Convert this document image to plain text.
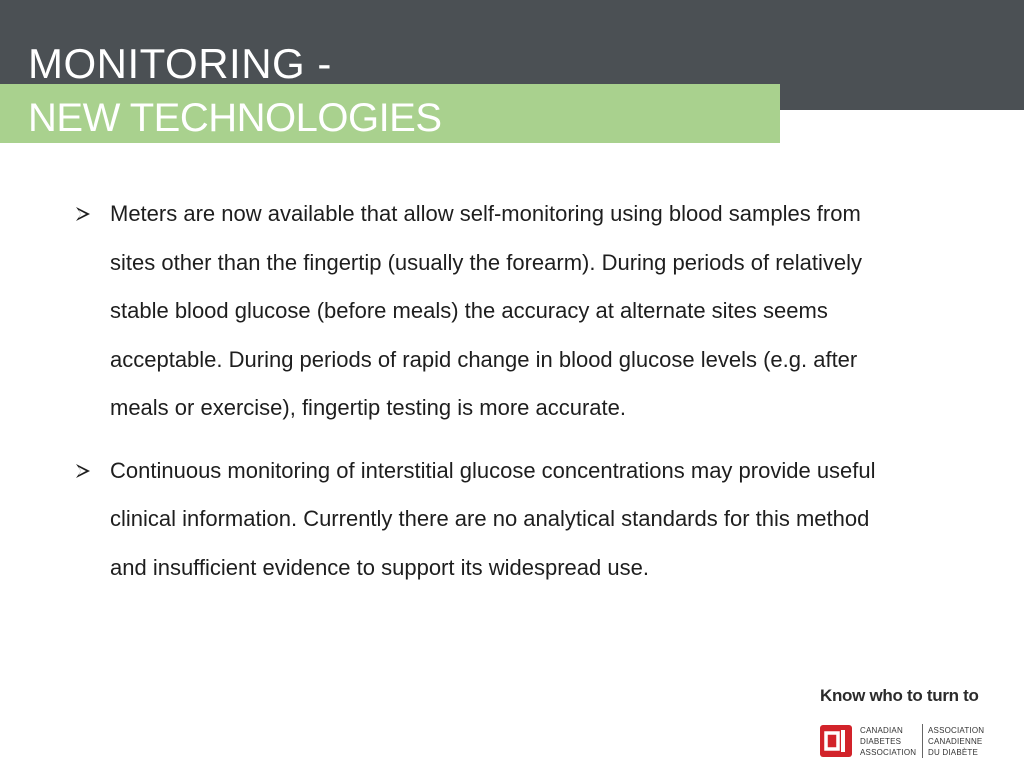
MONITORING -
NEW TECHNOLOGIES
Meters are now available that allow self-monitoring using blood samples from sites other than the fingertip (usually the forearm). During periods of relatively stable blood glucose (before meals) the accuracy at alternate sites seems acceptable. During periods of rapid change in blood glucose levels (e.g. after meals or exercise), fingertip testing is more accurate.
Continuous monitoring of interstitial glucose concentrations may provide useful clinical information. Currently there are no analytical standards for this method and insufficient evidence to support its widespread use.
Know who to turn to
CANADIAN
DIABETES
ASSOCIATION
ASSOCIATION
CANADIENNE
DU DIABÈTE
